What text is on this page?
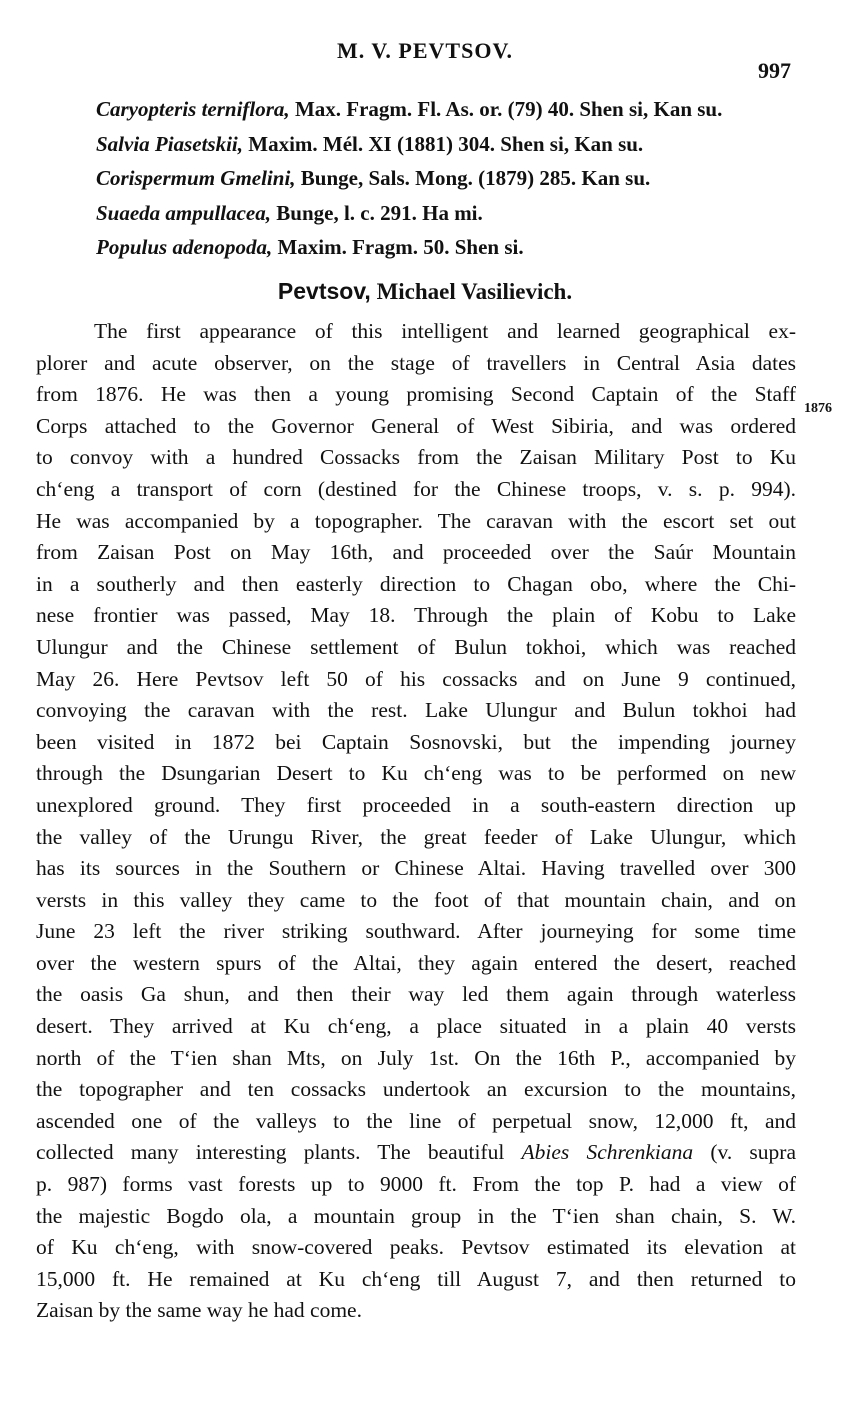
M. V. PEVTSOV.
997
Caryopteris terniflora, Max. Fragm. Fl. As. or. (79) 40. Shen si, Kan su.
Salvia Piasetskii, Maxim. Mél. XI (1881) 304. Shen si, Kan su.
Corispermum Gmelini, Bunge, Sals. Mong. (1879) 285. Kan su.
Suaeda ampullacea, Bunge, l. c. 291. Ha mi.
Populus adenopoda, Maxim. Fragm. 50. Shen si.
Pevtsov, Michael Vasilievich.
1876
The first appearance of this intelligent and learned geographical ex-
plorer and acute observer, on the stage of travellers in Central Asia dates
from 1876. He was then a young promising Second Captain of the Staff
Corps attached to the Governor General of West Sibiria, and was ordered
to convoy with a hundred Cossacks from the Zaisan Military Post to Ku
chʻeng a transport of corn (destined for the Chinese troops, v. s. p. 994).
He was accompanied by a topographer. The caravan with the escort set out
from Zaisan Post on May 16th, and proceeded over the Saúr Mountain
in a southerly and then easterly direction to Chagan obo, where the Chi-
nese frontier was passed, May 18. Through the plain of Kobu to Lake
Ulungur and the Chinese settlement of Bulun tokhoi, which was reached
May 26. Here Pevtsov left 50 of his cossacks and on June 9 continued,
convoying the caravan with the rest. Lake Ulungur and Bulun tokhoi had
been visited in 1872 bei Captain Sosnovski, but the impending journey
through the Dsungarian Desert to Ku chʻeng was to be performed on new
unexplored ground. They first proceeded in a south-eastern direction up
the valley of the Urungu River, the great feeder of Lake Ulungur, which
has its sources in the Southern or Chinese Altai. Having travelled over 300
versts in this valley they came to the foot of that mountain chain, and on
June 23 left the river striking southward. After journeying for some time
over the western spurs of the Altai, they again entered the desert, reached
the oasis Ga shun, and then their way led them again through waterless
desert. They arrived at Ku chʻeng, a place situated in a plain 40 versts
north of the Tʻien shan Mts, on July 1st. On the 16th P., accompanied by
the topographer and ten cossacks undertook an excursion to the mountains,
ascended one of the valleys to the line of perpetual snow, 12,000 ft, and
collected many interesting plants. The beautiful Abies Schrenkiana (v. supra
p. 987) forms vast forests up to 9000 ft. From the top P. had a view of
the majestic Bogdo ola, a mountain group in the Tʻien shan chain, S. W.
of Ku chʻeng, with snow-covered peaks. Pevtsov estimated its elevation at
15,000 ft. He remained at Ku chʻeng till August 7, and then returned to
Zaisan by the same way he had come.
